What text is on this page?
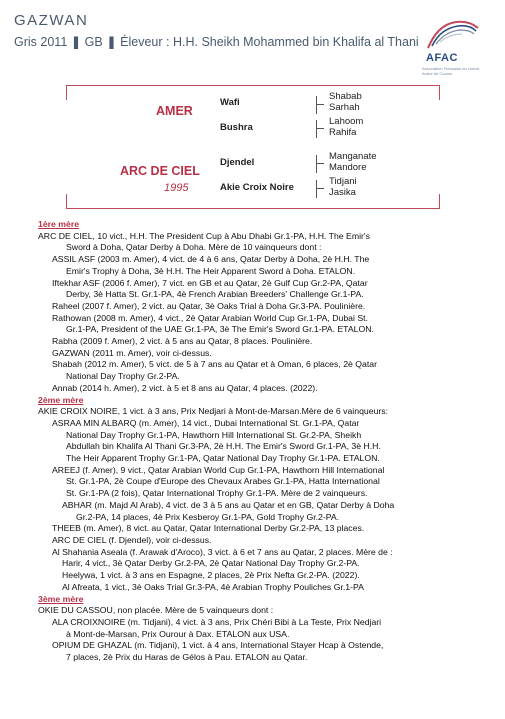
GAZWAN
Gris 2011 ❚ GB ❚ Éleveur : H.H. Sheikh Mohammed bin Khalifa al Thani
AFAC
Association Française du cheval Arabe de Course
AMER
ARC DE CIEL
1995
Wafi
Bushra
Djendel
Akie Croix Noire
Shabab
Sarhah
Lahoom
Rahifa
Manganate
Mandore
Tidjani
Jasika
1ère mère
ARC DE CIEL, 10 vict., H.H. The President Cup à Abu Dhabi Gr.1-PA, H.H. The Emir's
Sword à Doha, Qatar Derby à Doha. Mère de 10 vainqueurs dont :
ASSIL ASF (2003 m. Amer), 4 vict. de 4 à 6 ans, Qatar Derby à Doha, 2è H.H. The
Emir's Trophy à Doha, 3è H.H. The Heir Apparent Sword à Doha. ETALON.
Iftekhar ASF (2006 f. Amer), 7 vict. en GB et au Qatar, 2è Gulf Cup Gr.2-PA, Qatar
Derby, 3è Hatta St. Gr.1-PA, 4è French Arabian Breeders' Challenge Gr.1-PA.
Raheel (2007 f. Amer), 2 vict. au Qatar, 3è Oaks Trial à Doha Gr.3-PA. Poulinière.
Rathowan (2008 m. Amer), 4 vict., 2è Qatar Arabian World Cup Gr.1-PA, Dubai St.
Gr.1-PA, President of the UAE Gr.1-PA, 3è The Emir's Sword Gr.1-PA. ETALON.
Rabha (2009 f. Amer), 2 vict. à 5 ans au Qatar, 8 places. Poulinière.
GAZWAN (2011 m. Amer), voir ci-dessus.
Shabah (2012 m. Amer), 5 vict. de 5 à 7 ans au Qatar et à Oman, 6 places, 2è Qatar
National Day Trophy Gr.2-PA.
Annab (2014 h. Amer), 2 vict. à 5 et 8 ans au Qatar, 4 places. (2022).
2ème mère
AKIE CROIX NOIRE, 1 vict. à 3 ans, Prix Nedjari à Mont-de-Marsan.Mère de 6 vainqueurs:
ASRAA MIN ALBARQ (m. Amer), 14 vict., Dubai International St. Gr.1-PA, Qatar
National Day Trophy Gr.1-PA, Hawthorn Hill International St. Gr.2-PA, Sheikh
Abdullah bin Khalifa Al Thani Gr.3-PA, 2è H.H. The Emir's Sword Gr.1-PA, 3è H.H.
The Heir Apparent Trophy Gr.1-PA, Qatar National Day Trophy Gr.1-PA. ETALON.
AREEJ (f. Amer), 9 vict., Qatar Arabian World Cup Gr.1-PA, Hawthorn Hill International
St. Gr.1-PA, 2è Coupe d'Europe des Chevaux Arabes Gr.1-PA, Hatta International
St. Gr.1-PA (2 fois), Qatar International Trophy Gr.1-PA. Mère de 2 vainqueurs.
ABHAR (m. Majd Al Arab), 4 vict. de 3 à 5 ans au Qatar et en GB, Qatar Derby à Doha
Gr.2-PA, 14 places, 4è Prix Kesberoy Gr.1-PA, Gold Trophy Gr.2-PA.
THEEB (m. Amer), 8 vict. au Qatar, Qatar International Derby Gr.2-PA, 13 places.
ARC DE CIEL (f. Djendel), voir ci-dessus.
Al Shahania Aseala (f. Arawak d'Aroco), 3 vict. à 6 et 7 ans au Qatar, 2 places. Mère de :
Harir, 4 vict., 3è Qatar Derby Gr.2-PA, 2è Qatar National Day Trophy Gr.2-PA.
Heelywa, 1 vict. à 3 ans en Espagne, 2 places, 2è Prix Nefta Gr.2-PA. (2022).
Al Afreata, 1 vict., 3è Oaks Trial Gr.3-PA, 4è Arabian Trophy Pouliches Gr.1-PA
3ème mère
OKIE DU CASSOU, non placée. Mère de 5 vainqueurs dont :
ALA CROIXNOIRE (m. Tidjani), 4 vict. à 3 ans, Prix Chéri Bibi à La Teste, Prix Nedjari
à Mont-de-Marsan, Prix Ourour à Dax. ETALON aux USA.
OPIUM DE GHAZAL (m. Tidjani), 1 vict. à 4 ans, International Stayer Hcap à Ostende,
7 places, 2è Prix du Haras de Gélos à Pau. ETALON au Qatar.
